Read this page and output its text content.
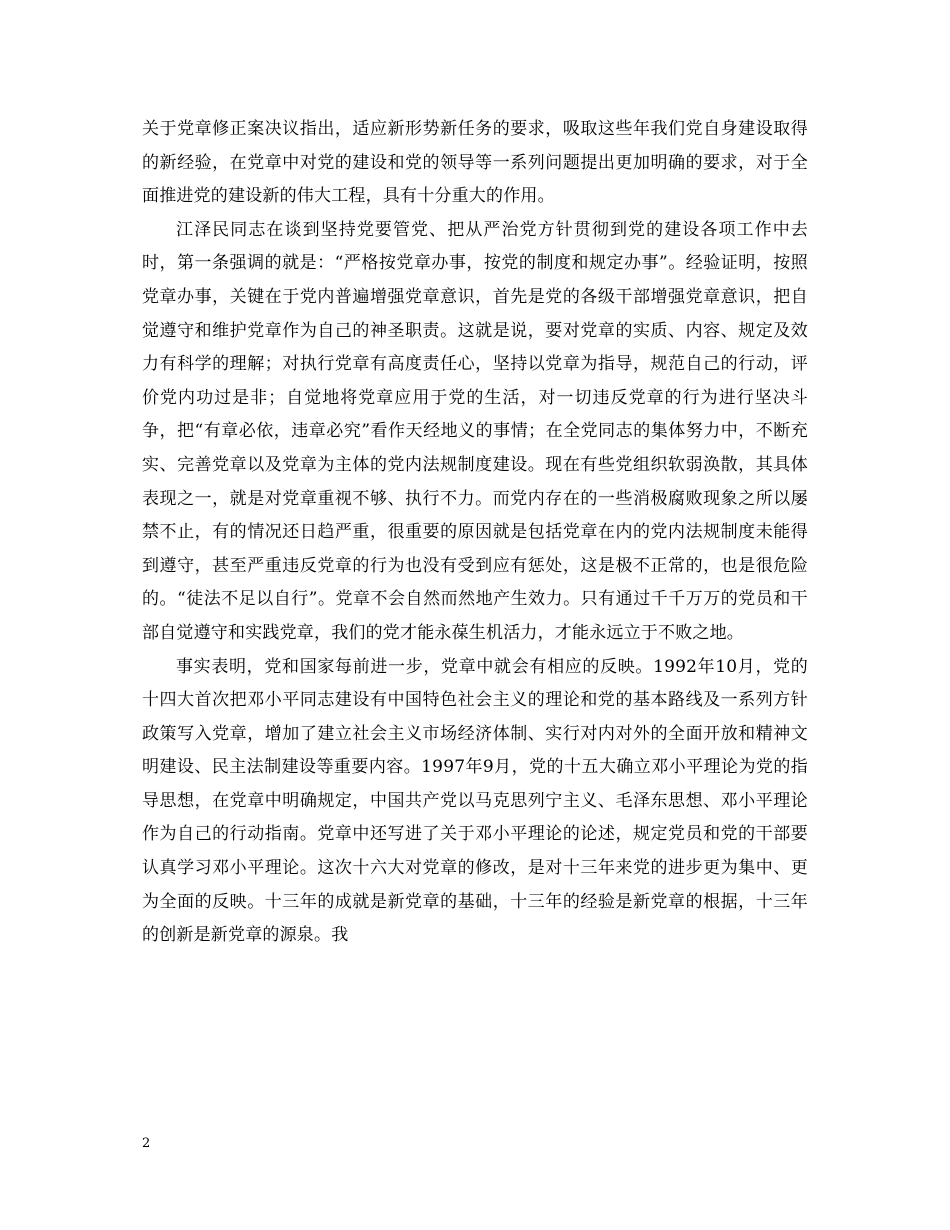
关于党章修正案决议指出，适应新形势新任务的要求，吸取这些年我们党自身建设取得的新经验，在党章中对党的建设和党的领导等一系列问题提出更加明确的要求，对于全面推进党的建设新的伟大工程，具有十分重大的作用。

江泽民同志在谈到坚持党要管党、把从严治党方针贯彻到党的建设各项工作中去时，第一条强调的就是：“严格按党章办事，按党的制度和规定办事”。经验证明，按照党章办事，关键在于党内普遍增强党章意识，首先是党的各级干部增强党章意识，把自觉遵守和维护党章作为自己的神圣职责。这就是说，要对党章的实质、内容、规定及效力有科学的理解；对执行党章有高度责任心，坚持以党章为指导，规范自己的行动，评价党内功过是非；自觉地将党章应用于党的生活，对一切违反党章的行为进行坚决斗争，把“有章必依，违章必究”看作天经地义的事情；在全党同志的集体努力中，不断充实、完善党章以及党章为主体的党内法规制度建设。现在有些党组织软弱涣散，其具体表现之一，就是对党章重视不够、执行不力。而党内存在的一些消极腐败现象之所以屡禁不止，有的情况还日趋严重，很重要的原因就是包括党章在内的党内法规制度未能得到遵守，甚至严重违反党章的行为也没有受到应有惩处，这是极不正常的，也是很危险的。“徒法不足以自行”。党章不会自然而然地产生效力。只有通过千千万万的党员和干部自觉遵守和实践党章，我们的党才能永葆生机活力，才能永远立于不败之地。

事实表明，党和国家每前进一步，党章中就会有相应的反映。1992年10月，党的十四大首次把邓小平同志建设有中国特色社会主义的理论和党的基本路线及一系列方针政策写入党章，增加了建立社会主义市场经济体制、实行对内对外的全面开放和精神文明建设、民主法制建设等重要内容。1997年9月，党的十五大确立邓小平理论为党的指导思想，在党章中明确规定，中国共产党以马克思列宁主义、毛泽东思想、邓小平理论作为自己的行动指南。党章中还写进了关于邓小平理论的论述，规定党员和党的干部要认真学习邓小平理论。这次十六大对党章的修改，是对十三年来党的进步更为集中、更为全面的反映。十三年的成就是新党章的基础，十三年的经验是新党章的根据，十三年的创新是新党章的源泉。我

2
